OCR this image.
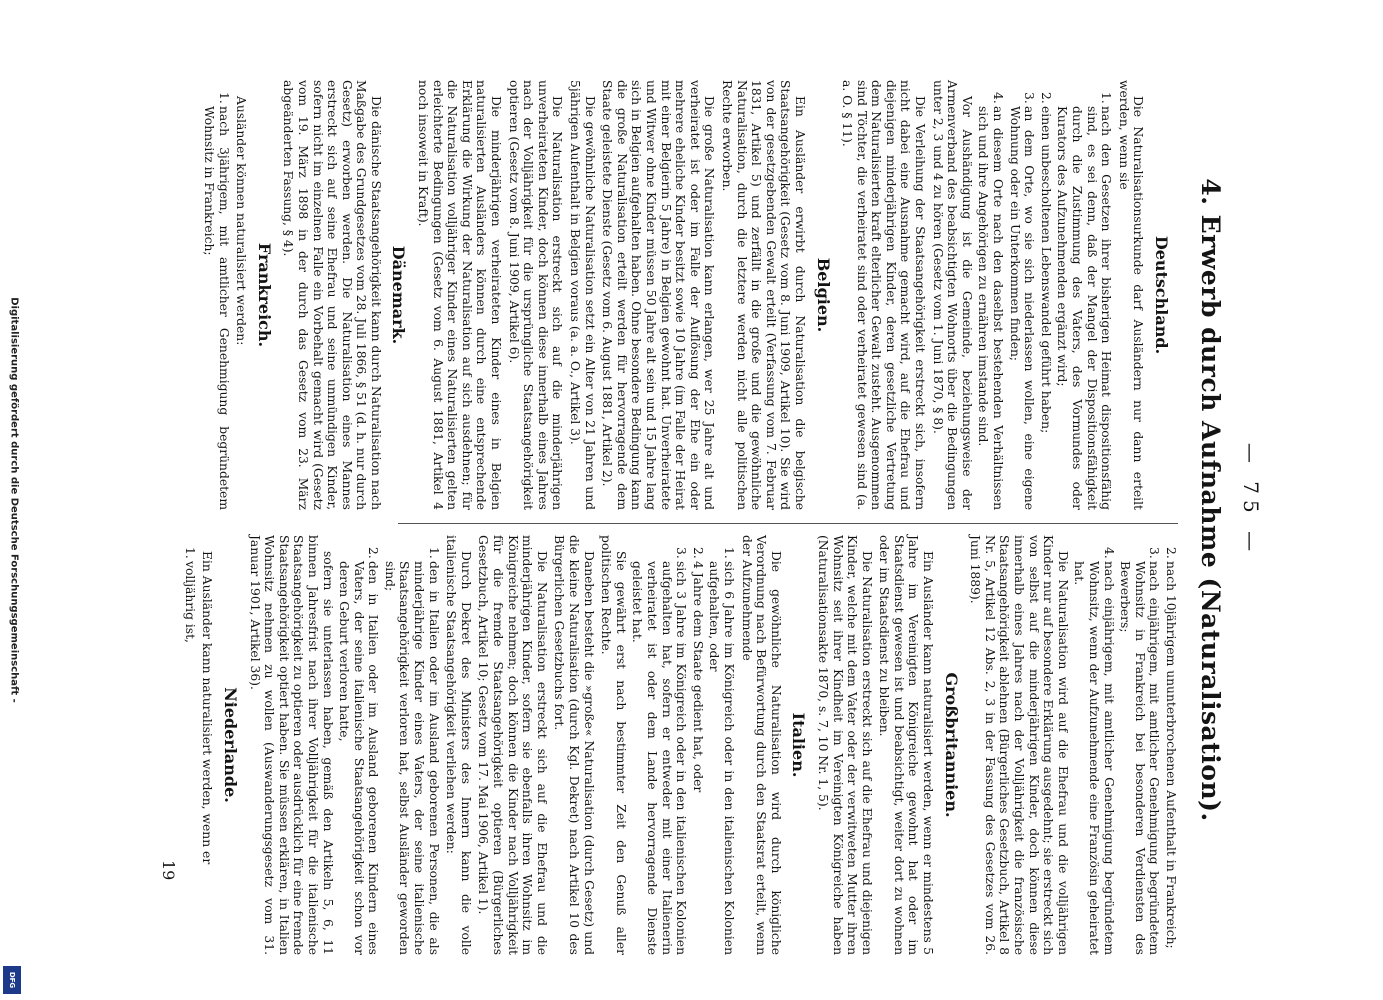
— 75 —
4. Erwerb durch Aufnahme (Naturalisation).
Deutschland.

Die Naturalisationsurkunde darf Ausländern nur dann erteilt werden, wenn sie

1.nach den Gesetzen ihrer bisherigen Heimat dispositionsfähig sind, es sei denn, daß der Mangel der Dispositionsfähigkeit durch die Zustimmung des Vaters, des Vormundes oder Kurators des Aufzunehmenden ergänzt wird;
2.einen unbescholtenen Lebenswandel geführt haben;
3.an dem Orte, wo sie sich niederlassen wollen, eine eigene Wohnung oder ein Unterkommen finden;
4.an diesem Orte nach den daselbst bestehenden Verhältnissen sich und ihre Angehörigen zu ernähren imstande sind.

Vor Aushändigung ist die Gemeinde, beziehungsweise der Armenverband des beabsichtigten Wohnorts über die Bedingungen unter 2, 3 und 4 zu hören (Gesetz vom 1. Juni 1870, § 8).

Die Verleihung der Staatsangehörigkeit erstreckt sich, insofern nicht dabei eine Ausnahme gemacht wird, auf die Ehefrau und diejenigen minderjährigen Kinder, deren gesetzliche Vertretung dem Naturalisierten kraft elterlicher Gewalt zusteht. Ausgenommen sind Töchter, die verheiratet sind oder verheiratet gewesen sind (a. a. O. § 11).

Belgien.

Ein Ausländer erwirbt durch Naturalisation die belgische Staatsangehörigkeit (Gesetz vom 8. Juni 1909, Artikel 10). Sie wird von der gesetzgebenden Gewalt erteilt (Verfassung vom 7. Februar 1831, Artikel 5) und zerfällt in die große und die gewöhnliche Naturalisation, durch die letztere werden nicht alle politischen Rechte erworben.

Die große Naturalisation kann erlangen, wer 25 Jahre alt und verheiratet ist oder im Falle der Auflösung der Ehe ein oder mehrere eheliche Kinder besitzt sowie 10 Jahre (im Falle der Heirat mit einer Belgierin 5 Jahre) in Belgien gewohnt hat. Unverheiratete und Witwer ohne Kinder müssen 50 Jahre alt sein und 15 Jahre lang sich in Belgien aufgehalten haben. Ohne besondere Bedingung kann die große Naturalisation erteilt werden für hervorragende dem Staate geleistete Dienste (Gesetz vom 6. August 1881, Artikel 2).

Die gewöhnliche Naturalisation setzt ein Alter von 21 Jahren und 5jährigen Aufenthalt in Belgien voraus (a. a. O., Artikel 3).

Die Naturalisation erstreckt sich auf die minderjährigen unverheirateten Kinder, doch können diese innerhalb eines Jahres nach der Volljährigkeit für die ursprüngliche Staatsangehörigkeit optieren (Gesetz vom 8. Juni 1909, Artikel 6).

Die minderjährigen verheirateten Kinder eines in Belgien naturalisierten Ausländers können durch eine entsprechende Erklärung die Wirkung der Naturalisation auf sich ausdehnen; für die Naturalisation volljähriger Kinder eines Naturalisierten gelten erleichterte Bedingungen (Gesetz vom 6. August 1881, Artikel 4 noch insoweit in Kraft).

Dänemark.

Die dänische Staatsangehörigkeit kann durch Naturalisation nach Maßgabe des Grundgesetzes vom 28. Juli 1866, § 51 (d. h. nur durch Gesetz) erworben werden. Die Naturalisation eines Mannes erstreckt sich auf seine Ehefrau und seine unmündigen Kinder, sofern nicht im einzelnen Falle ein Vorbehalt gemacht wird (Gesetz vom 19. März 1898 in der durch das Gesetz vom 23. März abgeänderten Fassung, § 4).

Frankreich.

Ausländer können naturalisiert werden:

1.nach 3jährigem, mit amtlicher Genehmigung begründetem Wohnsitz in Frankreich;
2.nach 10jährigem ununterbrochenen Aufenthalt in Frankreich;
3.nach einjährigem, mit amtlicher Genehmigung begründetem Wohnsitz in Frankreich bei besonderen Verdiensten des Bewerbers;
4.nach einjährigem, mit amtlicher Genehmigung begründetem Wohnsitz, wenn der Aufzunehmende eine Französin geheiratet hat.

Die Naturalisation wird auf die Ehefrau und die volljährigen Kinder nur auf besondere Erklärung ausgedehnt; sie erstreckt sich von selbst auf die minderjährigen Kinder, doch können diese innerhalb eines Jahres nach der Volljährigkeit die französische Staatsangehörigkeit ablehnen (Bürgerliches Gesetzbuch, Artikel 8 Nr. 5, Artikel 12 Abs. 2, 3 in der Fassung des Gesetzes vom 26. Juni 1889).

Großbritannien.

Ein Ausländer kann naturalisiert werden, wenn er mindestens 5 Jahre im Vereinigten Königreiche gewohnt hat oder im Staatsdienst gewesen ist und beabsichtigt, weiter dort zu wohnen oder im Staatsdienst zu bleiben.

Die Naturalisation erstreckt sich auf die Ehefrau und diejenigen Kinder, welche mit dem Vater oder der verwitweten Mutter ihren Wohnsitz seit ihrer Kindheit im Vereinigten Königreiche haben (Naturalisationsakte 1870, s. 7, 10 Nr. 1, 5).

Italien.

Die gewöhnliche Naturalisation wird durch königliche Verordnung nach Befürwortung durch den Staatsrat erteilt, wenn der Aufzunehmende

1.sich 6 Jahre im Königreich oder in den italienischen Kolonien aufgehalten, oder
2.4 Jahre dem Staate gedient hat, oder
3.sich 3 Jahre im Königreich oder in den italienischen Kolonien aufgehalten hat, sofern er entweder mit einer Italienerin verheiratet ist oder dem Lande hervorragende Dienste geleistet hat.

Sie gewährt erst nach bestimmter Zeit den Genuß aller politischen Rechte.

Daneben besteht die »große« Naturalisation (durch Gesetz) und die kleine Naturalisation (durch Kgl. Dekret) nach Artikel 10 des Bürgerlichen Gesetzbuchs fort.

Die Naturalisation erstreckt sich auf die Ehefrau und die minderjährigen Kinder, sofern sie ebenfalls ihren Wohnsitz im Königreiche nehmen; doch können die Kinder nach Volljährigkeit für die fremde Staatsangehörigkeit optieren (Bürgerliches Gesetzbuch, Artikel 10; Gesetz vom 17. Mai 1906, Artikel 1).

Durch Dekret des Ministers des Innern kann die volle italienische Staatsangehörigkeit verliehen werden:

1.den in Italien oder im Ausland geborenen Personen, die als minderjährige Kinder eines Vaters, der seine italienische Staatsangehörigkeit verloren hat, selbst Ausländer geworden sind;
2.den in Italien oder im Ausland geborenen Kindern eines Vaters, der seine italienische Staatsangehörigkeit schon vor deren Geburt verloren hatte,

sofern sie unterlassen haben, gemäß den Artikeln 5, 6, 11 binnen Jahresfrist nach ihrer Volljährigkeit für die italienische Staatsangehörigkeit zu optieren oder ausdrücklich für eine fremde Staatsangehörigkeit optiert haben. Sie müssen erklären, in Italien Wohnsitz nehmen zu wollen (Auswanderungsgesetz vom 31. Januar 1901, Artikel 36).

Niederlande.

Ein Ausländer kann naturalisiert werden, wenn er

1.volljährig ist,
19
Digitalisierung gefördert durch die Deutsche Forschungsgemeinschaft -
DFG
